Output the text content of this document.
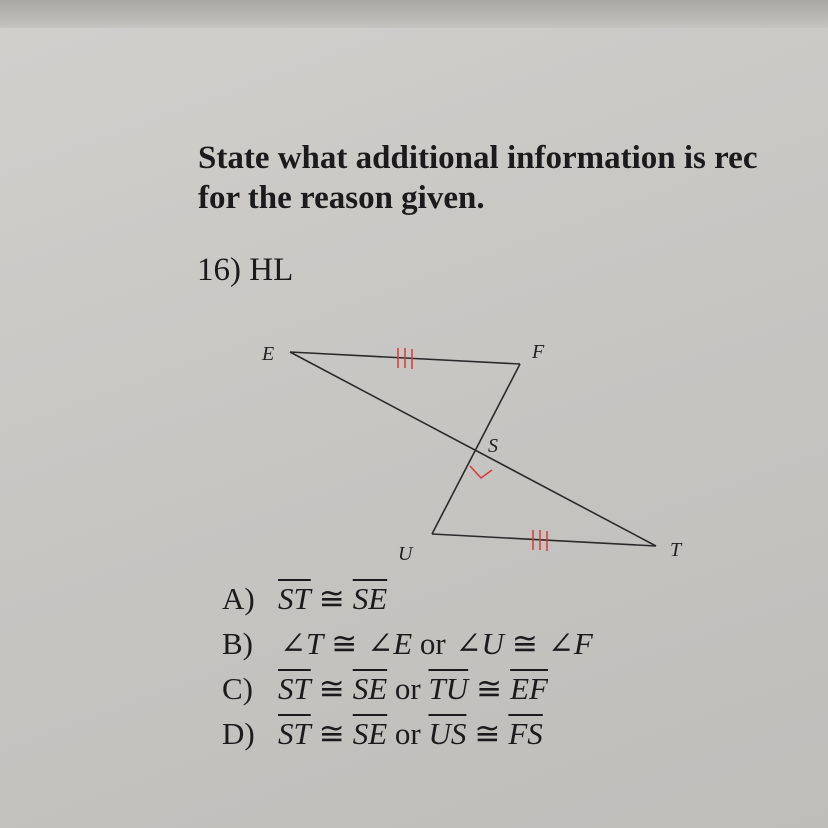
State what additional information is rec
for the reason given.
16) HL
E	F
S
U	T
A) $\overline{ST}$ ≅ $\overline{SE}$
B) ∠T ≅ ∠E or ∠U ≅ ∠F
C) $\overline{ST}$ ≅ $\overline{SE}$ or $\overline{TU}$ ≅ $\overline{EF}$
D) $\overline{ST}$ ≅ $\overline{SE}$ or $\overline{US}$ ≅ $\overline{FS}$
